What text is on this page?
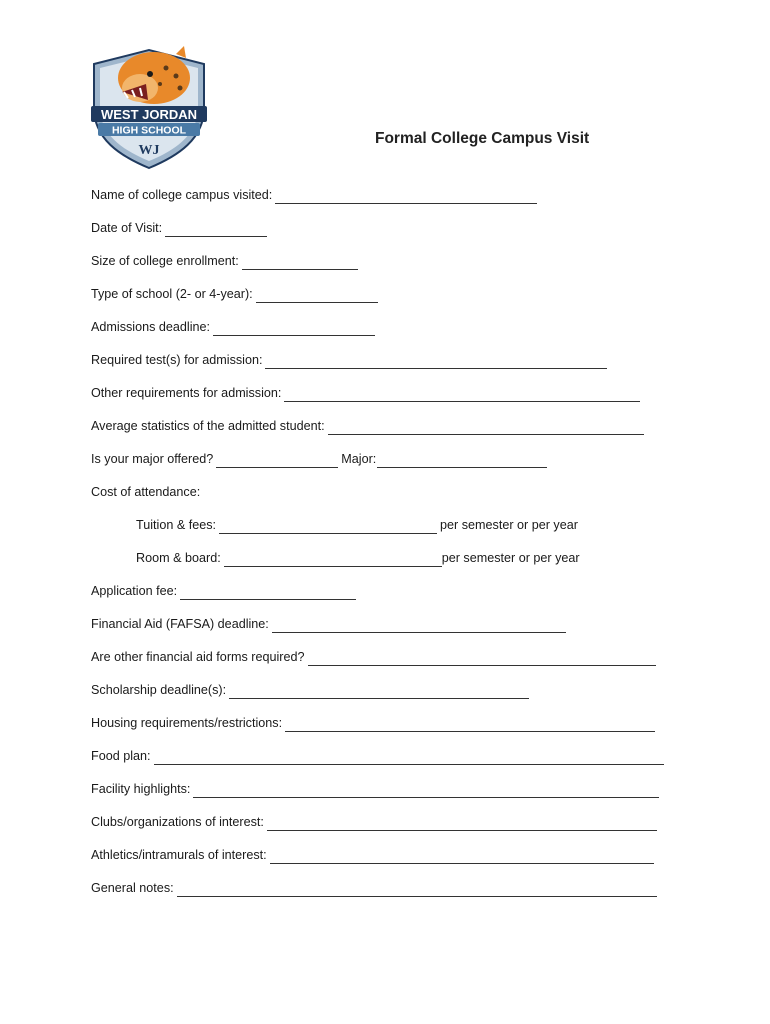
WEST JORDAN
HIGH SCHOOL
WJ
Formal College Campus Visit
Name of college campus visited:
Date of Visit:
Size of college enrollment:
Type of school (2- or 4-year):
Admissions deadline:
Required test(s) for admission:
Other requirements for admission:
Average statistics of the admitted student:
Is your major offered?	Major:
Cost of attendance:
Tuition & fees:	per semester or per year
Room & board:	per semester or per year
Application fee:
Financial Aid (FAFSA) deadline:
Are other financial aid forms required?
Scholarship deadline(s):
Housing requirements/restrictions:
Food plan:
Facility highlights:
Clubs/organizations of interest:
Athletics/intramurals of interest:
General notes:
